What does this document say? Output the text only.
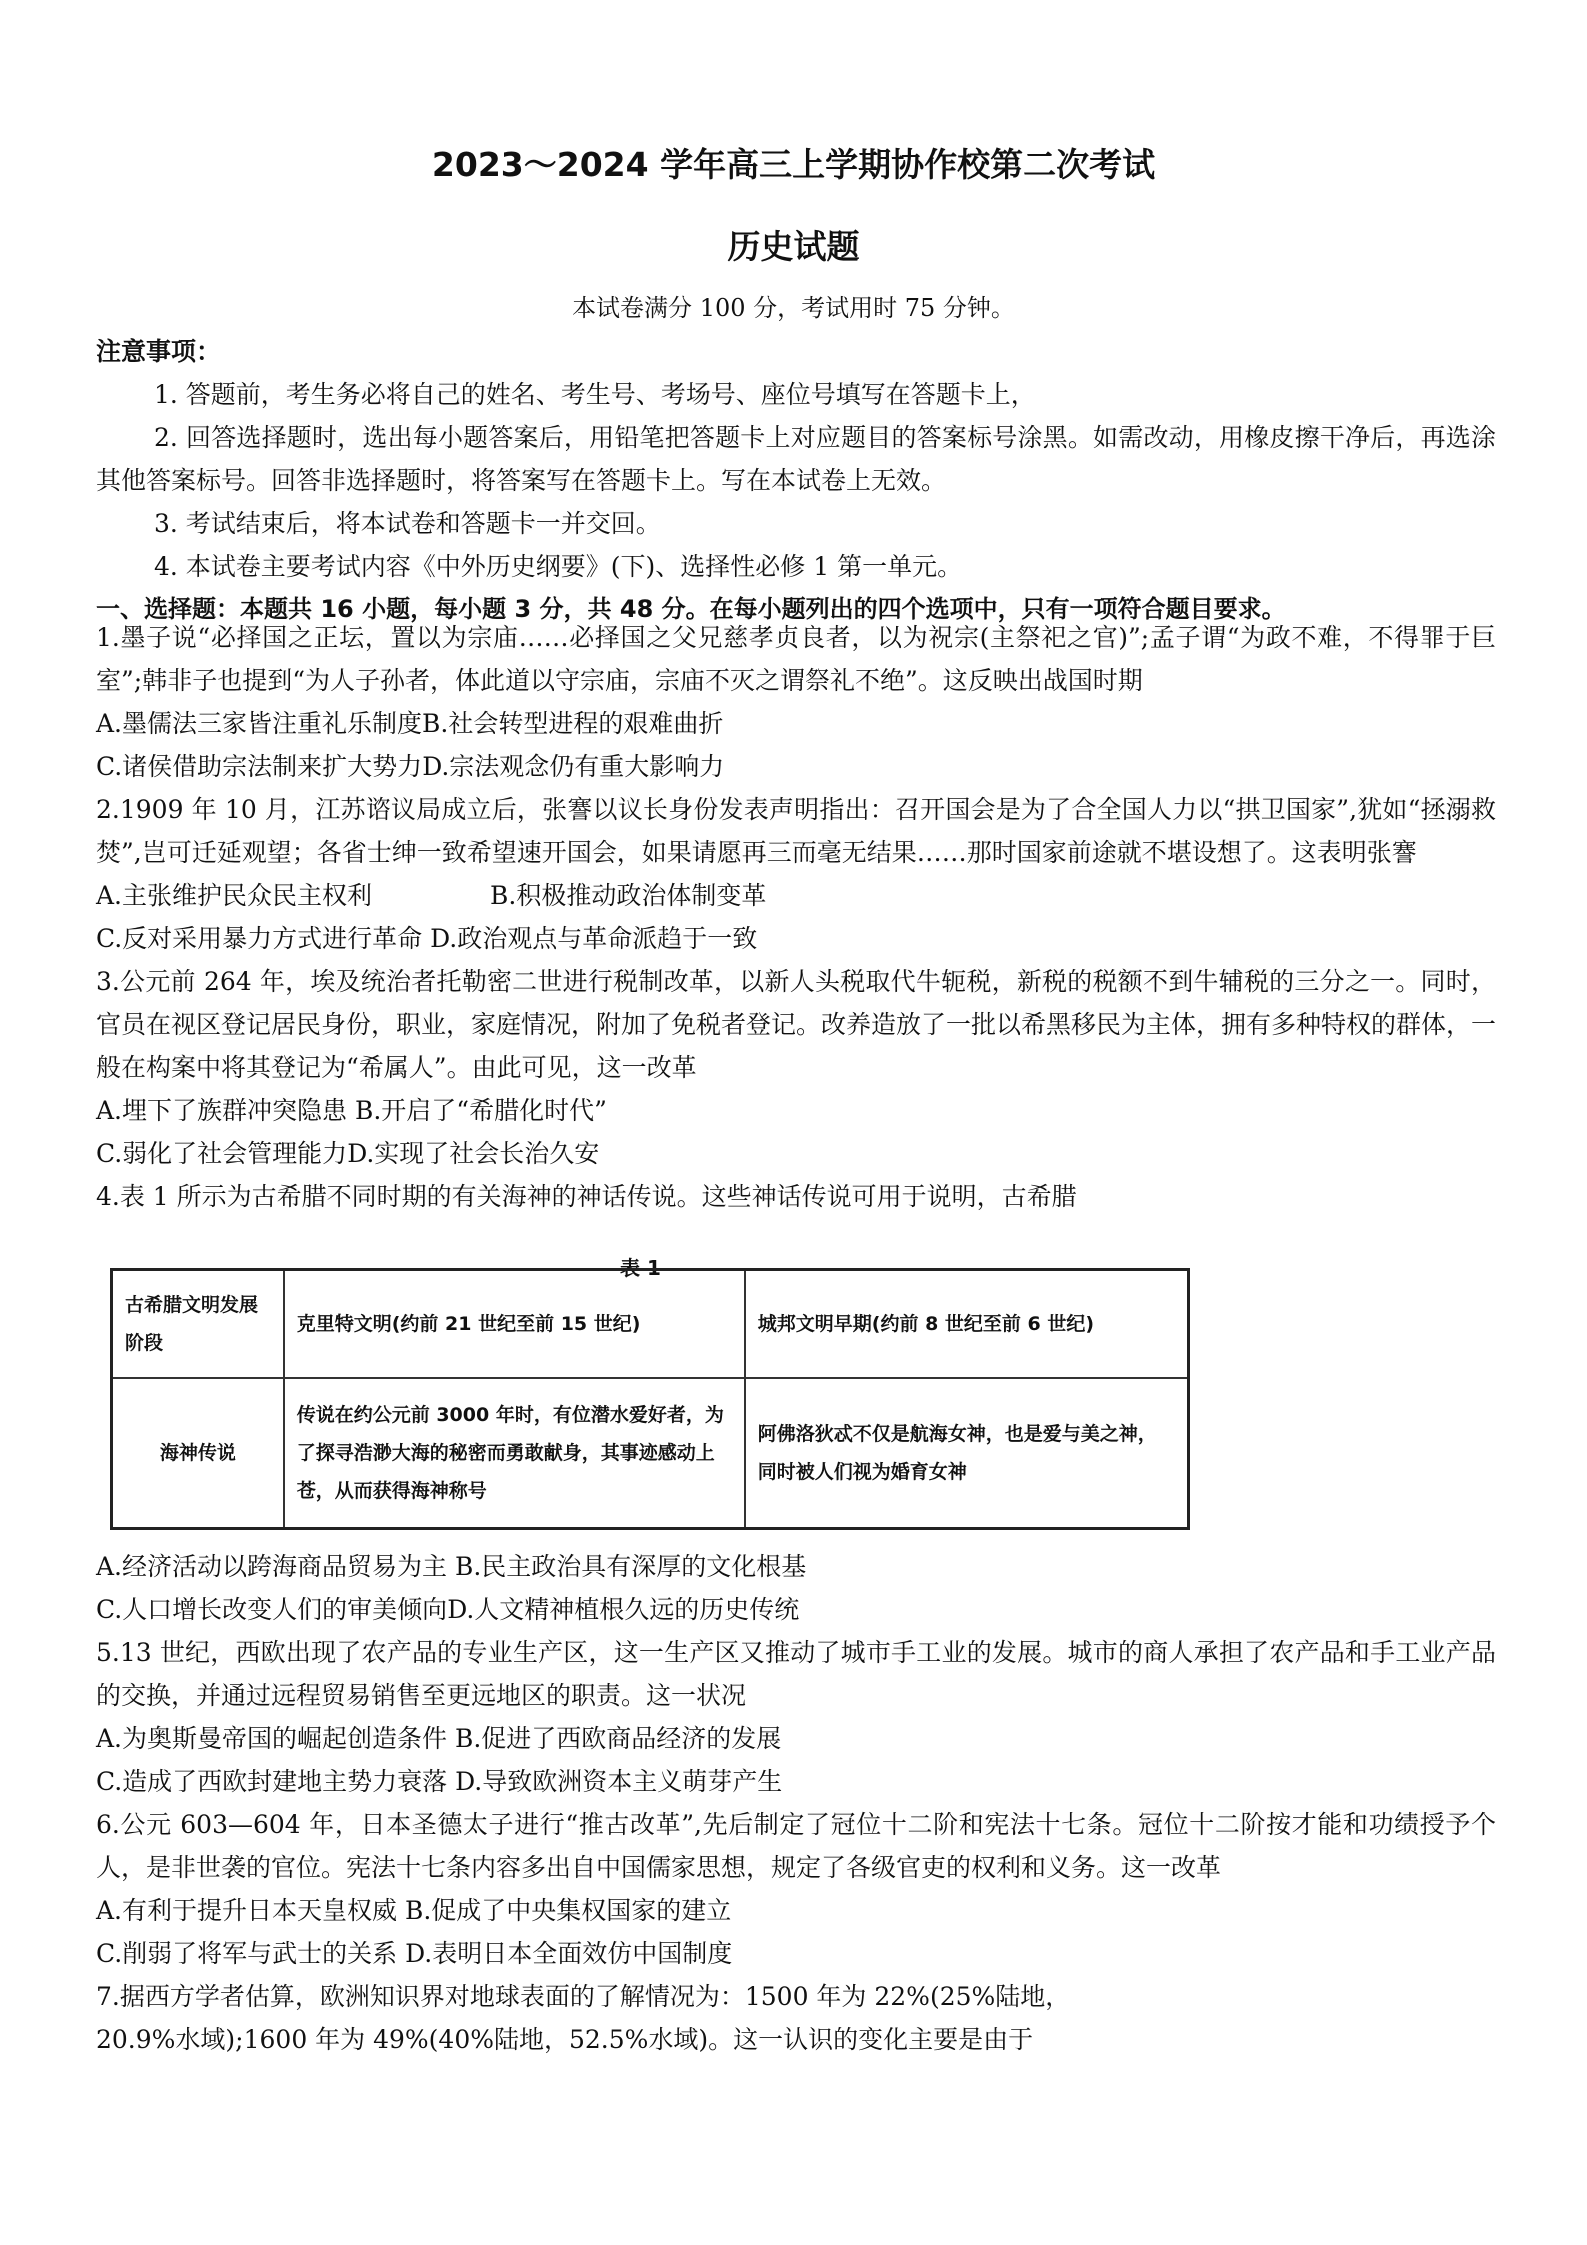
2023～2024 学年高三上学期协作校第二次考试
历史试题
本试卷满分 100 分，考试用时 75 分钟。
注意事项：
1. 答题前，考生务必将自己的姓名、考生号、考场号、座位号填写在答题卡上，
2. 回答选择题时，选出每小题答案后，用铅笔把答题卡上对应题目的答案标号涂黑。如需改动，用橡皮擦干净后，再选涂其他答案标号。回答非选择题时，将答案写在答题卡上。写在本试卷上无效。
3. 考试结束后，将本试卷和答题卡一并交回。
4. 本试卷主要考试内容《中外历史纲要》(下)、选择性必修 1 第一单元。
一、选择题：本题共 16 小题，每小题 3 分，共 48 分。在每小题列出的四个选项中，只有一项符合题目要求。
1.墨子说“必择国之正坛，置以为宗庙……必择国之父兄慈孝贞良者，以为祝宗(主祭祀之官)”;孟子谓“为政不难，不得罪于巨室”;韩非子也提到“为人子孙者，体此道以守宗庙，宗庙不灭之谓祭礼不绝”。这反映出战国时期
A.墨儒法三家皆注重礼乐制度B.社会转型进程的艰难曲折
C.诸侯借助宗法制来扩大势力D.宗法观念仍有重大影响力
2.1909 年 10 月，江苏谘议局成立后，张謇以议长身份发表声明指出：召开国会是为了合全国人力以“拱卫国家”,犹如“拯溺救焚”,岂可迁延观望；各省士绅一致希望速开国会，如果请愿再三而毫无结果……那时国家前途就不堪设想了。这表明张謇
A.主张维护民众民主权利	B.积极推动政治体制变革
C.反对采用暴力方式进行革命 D.政治观点与革命派趋于一致
3.公元前 264 年，埃及统治者托勒密二世进行税制改革，以新人头税取代牛轭税，新税的税额不到牛辅税的三分之一。同时，官员在视区登记居民身份，职业，家庭情况，附加了免税者登记。改养造放了一批以希黑移民为主体，拥有多种特权的群体，一般在构案中将其登记为“希属人”。由此可见，这一改革
A.埋下了族群冲突隐患 B.开启了“希腊化时代”
C.弱化了社会管理能力D.实现了社会长治久安
4.表 1 所示为古希腊不同时期的有关海神的神话传说。这些神话传说可用于说明，古希腊
表 1
古希腊文明发展阶段	克里特文明(约前 21 世纪至前 15 世纪)	城邦文明早期(约前 8 世纪至前 6 世纪)
海神传说	传说在约公元前 3000 年时，有位潜水爱好者，为了探寻浩渺大海的秘密而勇敢献身，其事迹感动上苍，从而获得海神称号	阿佛洛狄忒不仅是航海女神，也是爱与美之神，同时被人们视为婚育女神
A.经济活动以跨海商品贸易为主 B.民主政治具有深厚的文化根基
C.人口增长改变人们的审美倾向D.人文精神植根久远的历史传统
5.13 世纪，西欧出现了农产品的专业生产区，这一生产区又推动了城市手工业的发展。城市的商人承担了农产品和手工业产品的交换，并通过远程贸易销售至更远地区的职责。这一状况
A.为奥斯曼帝国的崛起创造条件 B.促进了西欧商品经济的发展
C.造成了西欧封建地主势力衰落 D.导致欧洲资本主义萌芽产生
6.公元 603—604 年，日本圣德太子进行“推古改革”,先后制定了冠位十二阶和宪法十七条。冠位十二阶按才能和功绩授予个人，是非世袭的官位。宪法十七条内容多出自中国儒家思想，规定了各级官吏的权利和义务。这一改革
A.有利于提升日本天皇权威 B.促成了中央集权国家的建立
C.削弱了将军与武士的关系 D.表明日本全面效仿中国制度
7.据西方学者估算，欧洲知识界对地球表面的了解情况为：1500 年为 22%(25%陆地，
20.9%水域);1600 年为 49%(40%陆地，52.5%水域)。这一认识的变化主要是由于
